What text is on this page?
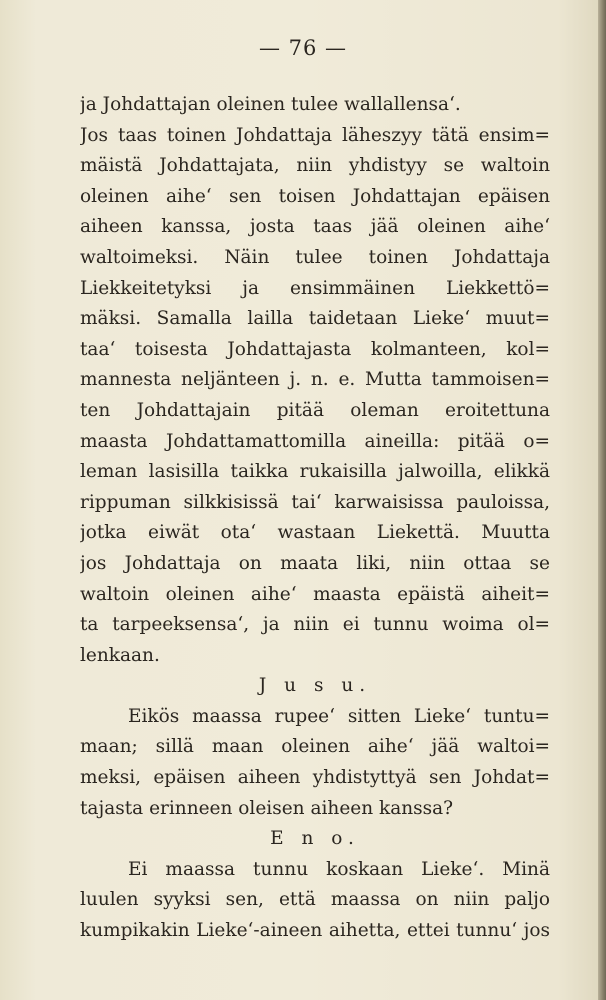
— 76 —
ja Johdattajan oleinen tulee wallallensa‘.
Jos taas toinen Johdattaja läheszyy tätä ensim=
mäistä Johdattajata, niin yhdistyy se waltoin
oleinen aihe‘ sen toisen Johdattajan epäisen
aiheen kanssa, josta taas jää oleinen aihe‘
waltoimeksi. Näin tulee toinen Johdattaja
Liekkeitetyksi ja ensimmäinen Liekkettö=
mäksi. Samalla lailla taidetaan Lieke‘ muut=
taa‘ toisesta Johdattajasta kolmanteen, kol=
mannesta neljänteen j. n. e. Mutta tammoisen=
ten Johdattajain pitää oleman eroitettuna
maasta Johdattamattomilla aineilla: pitää o=
leman lasisilla taikka rukaisilla jalwoilla, elikkä
rippuman silkkisissä tai‘ karwaisissa pauloissa,
jotka eiwät ota‘ wastaan Liekettä. Muutta
jos Johdattaja on maata liki, niin ottaa se
waltoin oleinen aihe‘ maasta epäistä aiheit=
ta tarpeeksensa‘, ja niin ei tunnu woima ol=
lenkaan.
J u s u.
Eikös maassa rupee‘ sitten Lieke‘ tuntu=
maan; sillä maan oleinen aihe‘ jää waltoi=
meksi, epäisen aiheen yhdistyttyä sen Johdat=
tajasta erinneen oleisen aiheen kanssa?
E n o.
Ei maassa tunnu koskaan Lieke‘. Minä
luulen syyksi sen, että maassa on niin paljo
kumpikakin Lieke‘-aineen aihetta, ettei tunnu‘ jos
